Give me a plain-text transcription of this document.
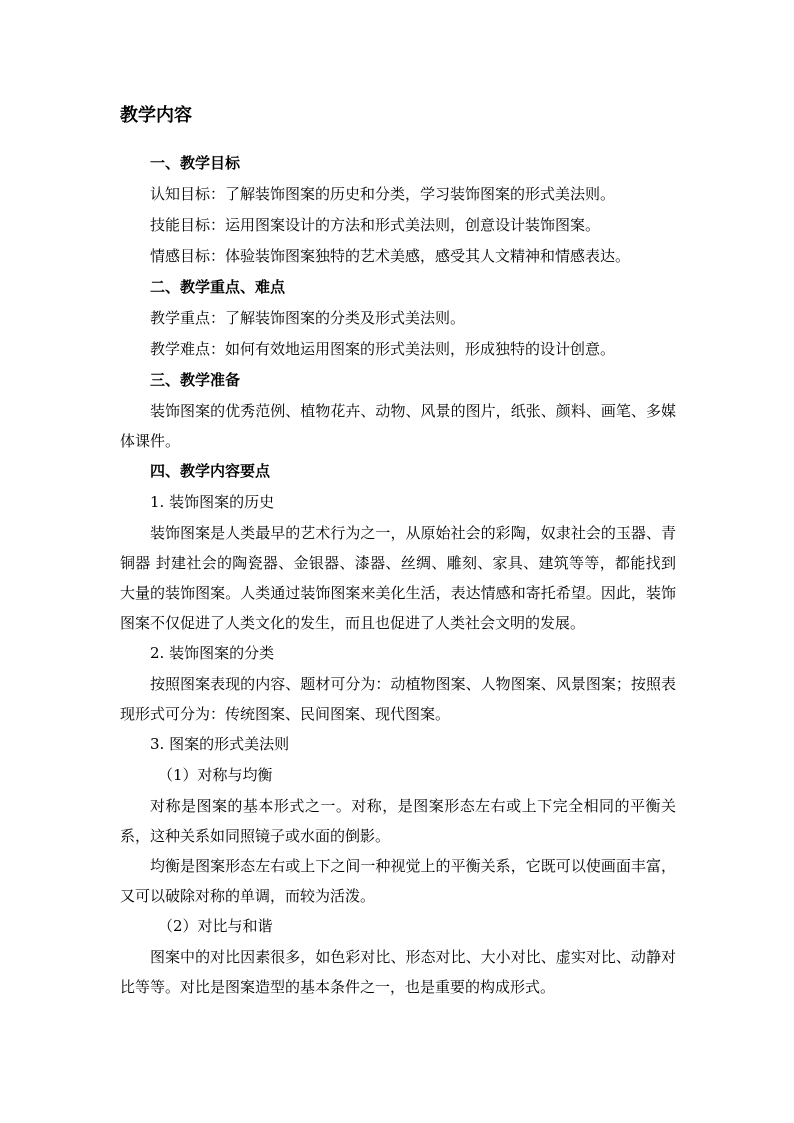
教学内容
一、教学目标
认知目标：了解装饰图案的历史和分类，学习装饰图案的形式美法则。
技能目标：运用图案设计的方法和形式美法则，创意设计装饰图案。
情感目标：体验装饰图案独特的艺术美感，感受其人文精神和情感表达。
二、教学重点、难点
教学重点：了解装饰图案的分类及形式美法则。
教学难点：如何有效地运用图案的形式美法则，形成独特的设计创意。
三、教学准备
装饰图案的优秀范例、植物花卉、动物、风景的图片，纸张、颜料、画笔、多媒体课件。
四、教学内容要点
1. 装饰图案的历史
装饰图案是人类最早的艺术行为之一，从原始社会的彩陶，奴隶社会的玉器、青铜器 封建社会的陶瓷器、金银器、漆器、丝绸、雕刻、家具、建筑等等，都能找到大量的装饰图案。人类通过装饰图案来美化生活，表达情感和寄托希望。因此，装饰图案不仅促进了人类文化的发生，而且也促进了人类社会文明的发展。
2. 装饰图案的分类
按照图案表现的内容、题材可分为：动植物图案、人物图案、风景图案；按照表现形式可分为：传统图案、民间图案、现代图案。
3. 图案的形式美法则
（1）对称与均衡
对称是图案的基本形式之一。对称，是图案形态左右或上下完全相同的平衡关系，这种关系如同照镜子或水面的倒影。
均衡是图案形态左右或上下之间一种视觉上的平衡关系，它既可以使画面丰富，又可以破除对称的单调，而较为活泼。
（2）对比与和谐
图案中的对比因素很多，如色彩对比、形态对比、大小对比、虚实对比、动静对比等等。对比是图案造型的基本条件之一，也是重要的构成形式。
